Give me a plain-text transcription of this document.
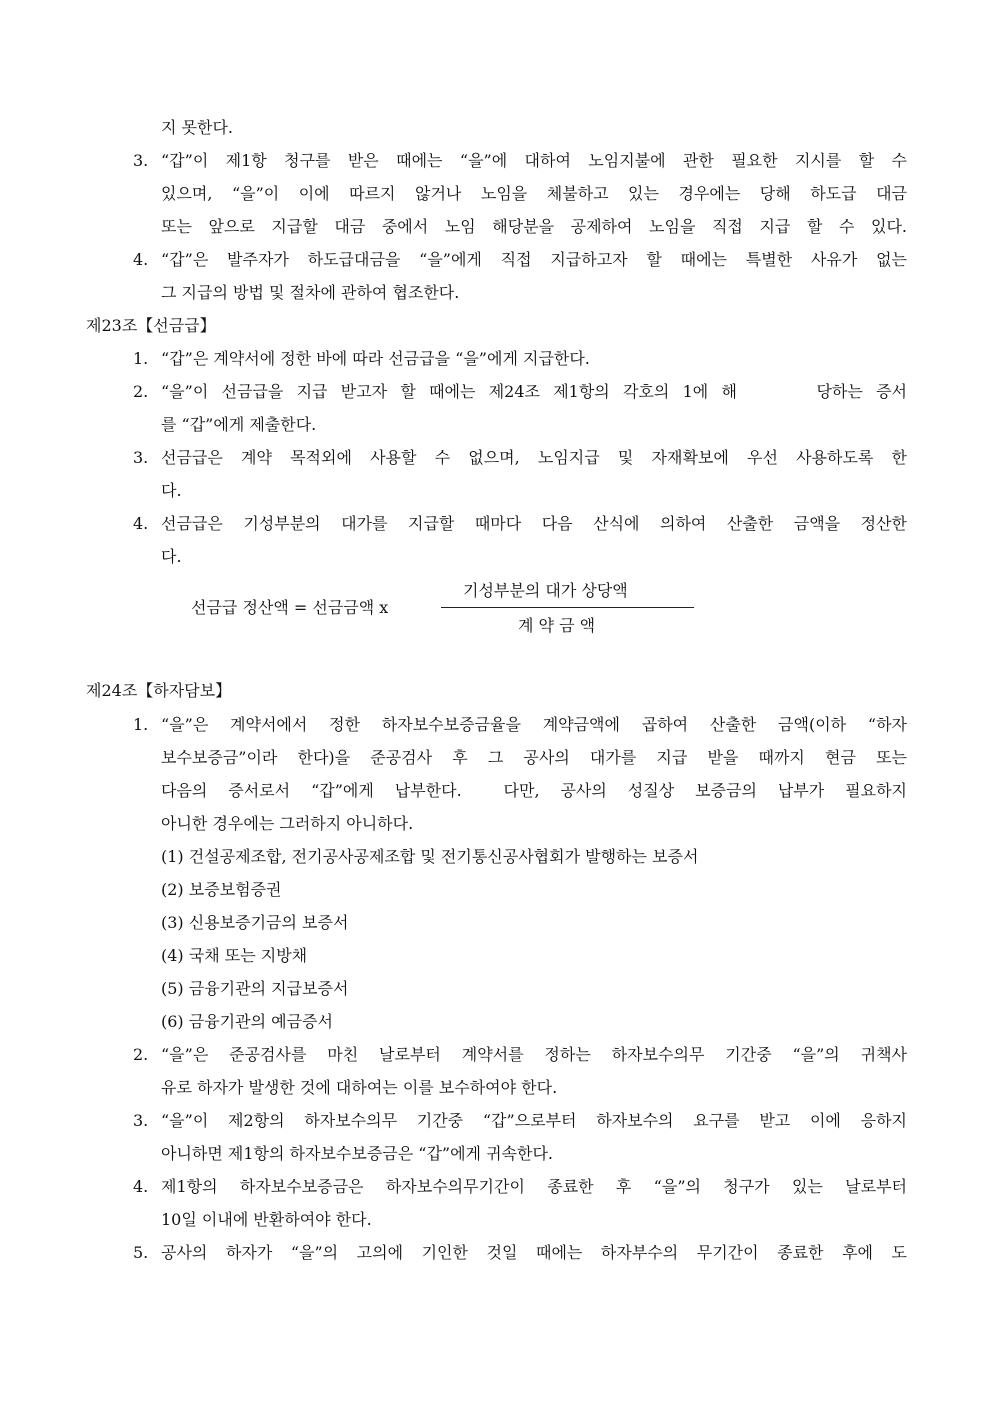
지 못한다.
3. “갑”이 제1항 청구를 받은 때에는 “을”에 대하여 노임지불에 관한 필요한 지시를 할 수
있으며, “을”이 이에 따르지 않거나 노임을 체불하고 있는 경우에는 당해 하도급 대금
또는 앞으로 지급할 대금 중에서 노임 해당분을 공제하여 노임을 직접 지급 할 수 있다.
4. “갑”은 발주자가 하도급대금을 “을”에게 직접 지급하고자 할 때에는 특별한 사유가 없는
그 지급의 방법 및 절차에 관하여 협조한다.
제23조【선금급】
1. “갑”은 계약서에 정한 바에 따라 선금급을 “을”에게 지급한다.
2. “을”이 선금급을 지급 받고자 할 때에는 제24조 제1항의 각호의 1에 해      당하는 증서
를 “갑”에게 제출한다.
3. 선금급은 계약 목적외에 사용할 수 없으며, 노임지급 및 자재확보에 우선 사용하도록 한
다.
4. 선금급은 기성부분의 대가를 지급할 때마다 다음 산식에 의하여 산출한 금액을 정산한
다.
기성부분의 대가 상당액
선금급 정산액 = 선금금액 x
계 약 금 액
제24조【하자담보】
1. “을”은 계약서에서 정한 하자보수보증금율을 계약금액에 곱하여 산출한 금액(이하 “하자
보수보증금”이라 한다)을 준공검사 후 그 공사의 대가를 지급 받을 때까지 현금 또는
다음의 증서로서 “갑”에게 납부한다.  다만, 공사의 성질상 보증금의 납부가 필요하지
아니한 경우에는 그러하지 아니하다.
(1) 건설공제조합, 전기공사공제조합 및 전기통신공사협회가 발행하는 보증서
(2) 보증보험증권
(3) 신용보증기금의 보증서
(4) 국채 또는 지방채
(5) 금융기관의 지급보증서
(6) 금융기관의 예금증서
2. “을”은 준공검사를 마친 날로부터 계약서를 정하는 하자보수의무 기간중 “을”의 귀책사
유로 하자가 발생한 것에 대하여는 이를 보수하여야 한다.
3. “을”이 제2항의 하자보수의무 기간중 “갑”으로부터 하자보수의 요구를 받고 이에 응하지
아니하면 제1항의 하자보수보증금은 “갑”에게 귀속한다.
4. 제1항의 하자보수보증금은 하자보수의무기간이 종료한 후 “을”의 청구가 있는 날로부터
10일 이내에 반환하여야 한다.
5. 공사의 하자가 “을”의 고의에 기인한 것일 때에는 하자부수의 무기간이 종료한 후에 도
